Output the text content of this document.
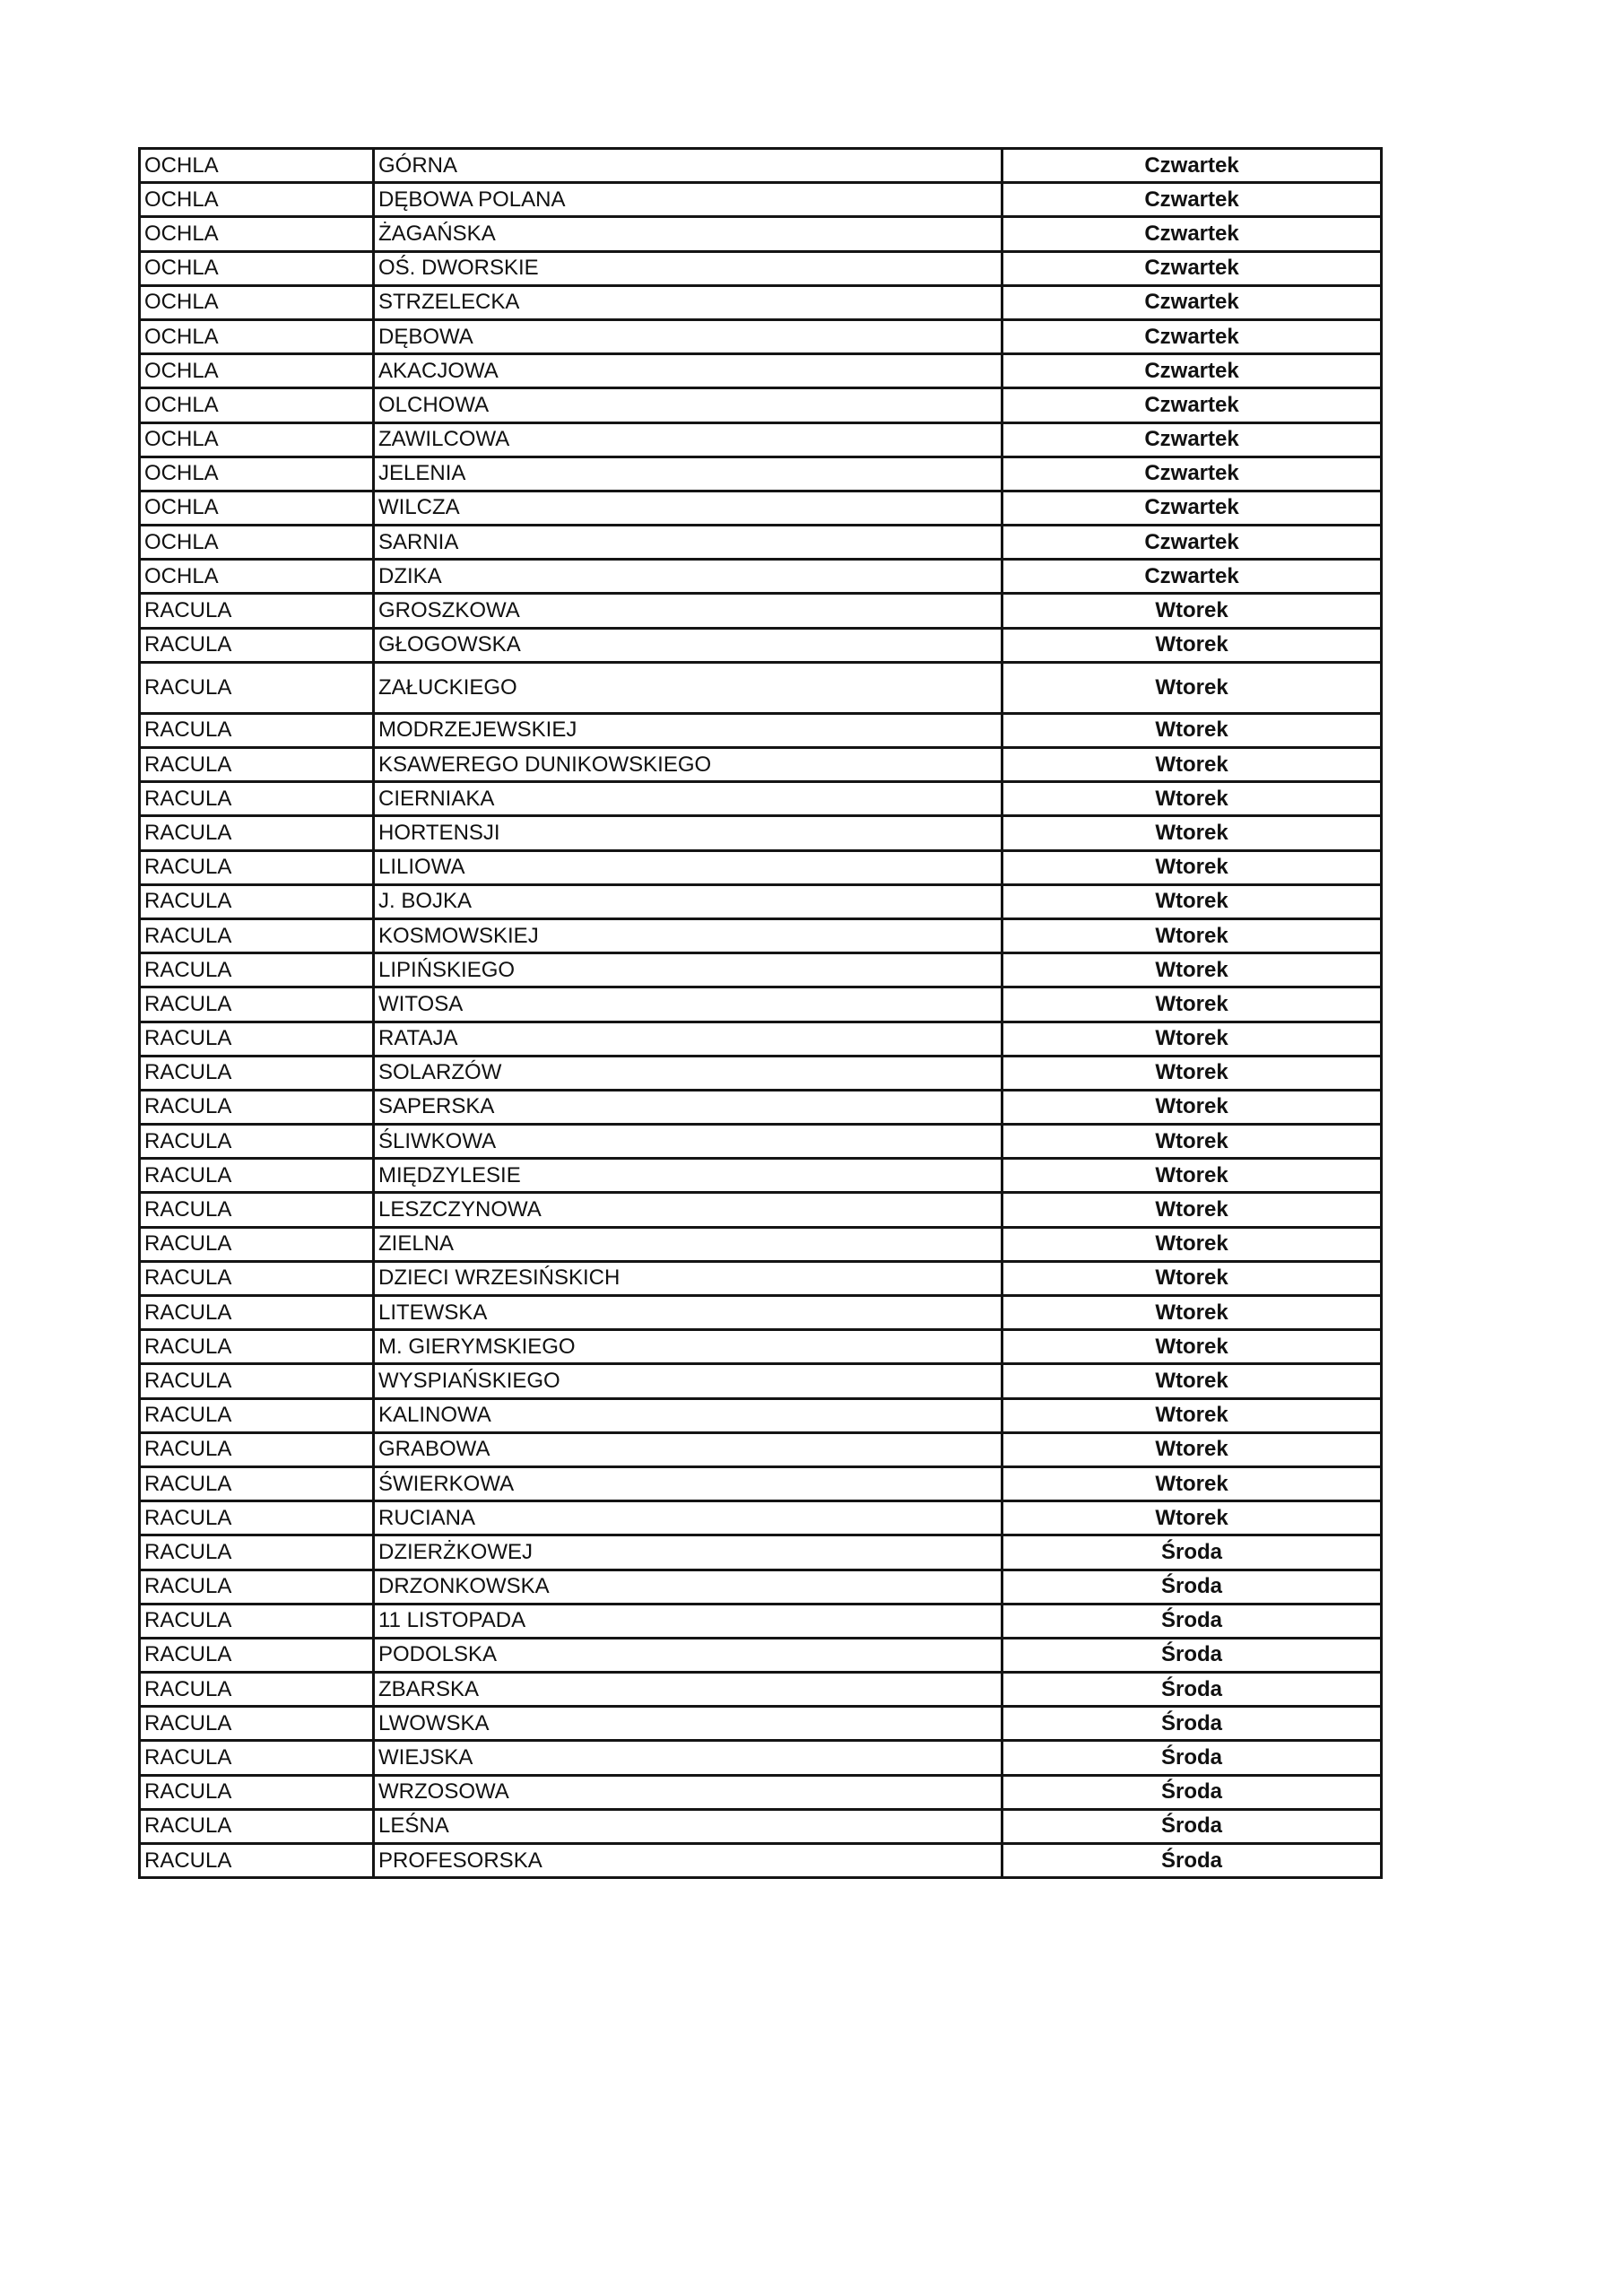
OCHLA	GÓRNA	Czwartek
OCHLA	DĘBOWA POLANA	Czwartek
OCHLA	ŻAGAŃSKA	Czwartek
OCHLA	OŚ. DWORSKIE	Czwartek
OCHLA	STRZELECKA	Czwartek
OCHLA	DĘBOWA	Czwartek
OCHLA	AKACJOWA	Czwartek
OCHLA	OLCHOWA	Czwartek
OCHLA	ZAWILCOWA	Czwartek
OCHLA	JELENIA	Czwartek
OCHLA	WILCZA	Czwartek
OCHLA	SARNIA	Czwartek
OCHLA	DZIKA	Czwartek
RACULA	GROSZKOWA	Wtorek
RACULA	GŁOGOWSKA	Wtorek
RACULA	ZAŁUCKIEGO	Wtorek
RACULA	MODRZEJEWSKIEJ	Wtorek
RACULA	KSAWEREGO DUNIKOWSKIEGO	Wtorek
RACULA	CIERNIAKA	Wtorek
RACULA	HORTENSJI	Wtorek
RACULA	LILIOWA	Wtorek
RACULA	J. BOJKA	Wtorek
RACULA	KOSMOWSKIEJ	Wtorek
RACULA	LIPIŃSKIEGO	Wtorek
RACULA	WITOSA	Wtorek
RACULA	RATAJA	Wtorek
RACULA	SOLARZÓW	Wtorek
RACULA	SAPERSKA	Wtorek
RACULA	ŚLIWKOWA	Wtorek
RACULA	MIĘDZYLESIE	Wtorek
RACULA	LESZCZYNOWA	Wtorek
RACULA	ZIELNA	Wtorek
RACULA	DZIECI WRZESIŃSKICH	Wtorek
RACULA	LITEWSKA	Wtorek
RACULA	M. GIERYMSKIEGO	Wtorek
RACULA	WYSPIAŃSKIEGO	Wtorek
RACULA	KALINOWA	Wtorek
RACULA	GRABOWA	Wtorek
RACULA	ŚWIERKOWA	Wtorek
RACULA	RUCIANA	Wtorek
RACULA	DZIERŻKOWEJ	Środa
RACULA	DRZONKOWSKA	Środa
RACULA	11 LISTOPADA	Środa
RACULA	PODOLSKA	Środa
RACULA	ZBARSKA	Środa
RACULA	LWOWSKA	Środa
RACULA	WIEJSKA	Środa
RACULA	WRZOSOWA	Środa
RACULA	LEŚNA	Środa
RACULA	PROFESORSKA	Środa
